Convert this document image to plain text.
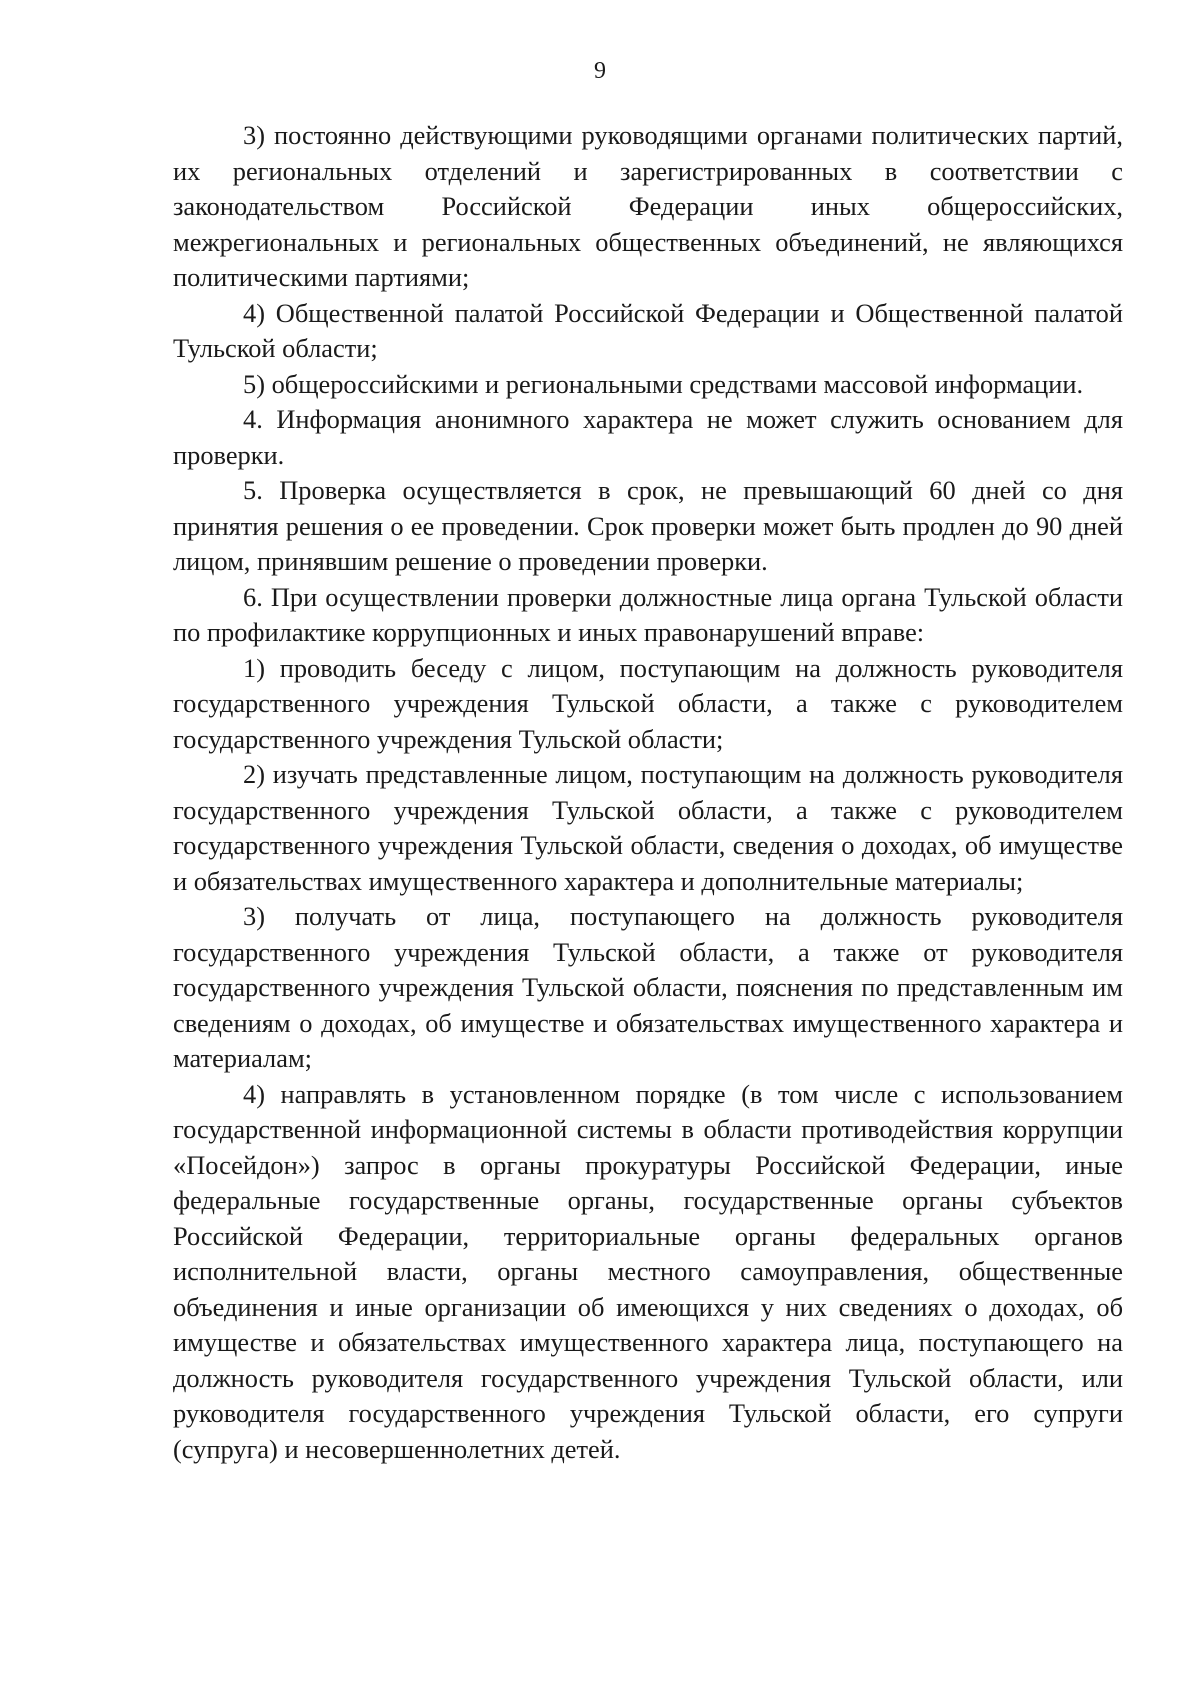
9

3) постоянно действующими руководящими органами политических партий, их региональных отделений и зарегистрированных в соответствии с законодательством Российской Федерации иных общероссийских, межрегиональных и региональных общественных объединений, не являющихся политическими партиями;

4) Общественной палатой Российской Федерации и Общественной палатой Тульской области;

5) общероссийскими и региональными средствами массовой информации.

4. Информация анонимного характера не может служить основанием для проверки.

5. Проверка осуществляется в срок, не превышающий 60 дней со дня принятия решения о ее проведении. Срок проверки может быть продлен до 90 дней лицом, принявшим решение о проведении проверки.

6. При осуществлении проверки должностные лица органа Тульской области по профилактике коррупционных и иных правонарушений вправе:

1) проводить беседу с лицом, поступающим на должность руководителя государственного учреждения Тульской области, а также с руководителем государственного учреждения Тульской области;

2) изучать представленные лицом, поступающим на должность руководителя государственного учреждения Тульской области, а также с руководителем государственного учреждения Тульской области, сведения о доходах, об имуществе и обязательствах имущественного характера и дополнительные материалы;

3) получать от лица, поступающего на должность руководителя государственного учреждения Тульской области, а также от руководителя государственного учреждения Тульской области, пояснения по представленным им сведениям о доходах, об имуществе и обязательствах имущественного характера и материалам;

4) направлять в установленном порядке (в том числе с использованием государственной информационной системы в области противодействия коррупции «Посейдон») запрос в органы прокуратуры Российской Федерации, иные федеральные государственные органы, государственные органы субъектов Российской Федерации, территориальные органы федеральных органов исполнительной власти, органы местного самоуправления, общественные объединения и иные организации об имеющихся у них сведениях о доходах, об имуществе и обязательствах имущественного характера лица, поступающего на должность руководителя государственного учреждения Тульской области, или руководителя государственного учреждения Тульской области, его супруги (супруга) и несовершеннолетних детей.
